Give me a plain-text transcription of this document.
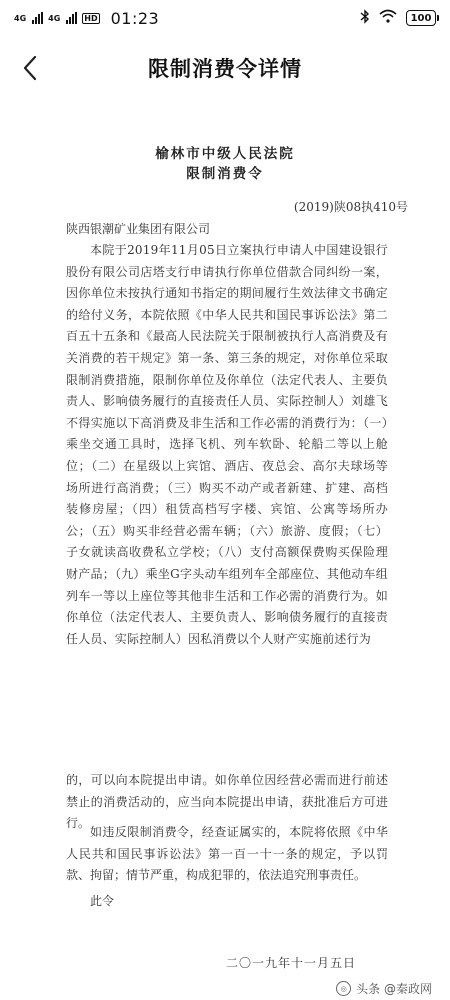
4G	4G	HD 01:23	100
限制消费令详情
榆林市中级人民法院
限制消费令
(2019)陕08执410号
陕西银潮矿业集团有限公司
本院于2019年11月05日立案执行申请人中国建设银行股份有限公司店塔支行申请执行你单位借款合同纠纷一案，因你单位未按执行通知书指定的期间履行生效法律文书确定的给付义务，本院依照《中华人民共和国民事诉讼法》第二百五十五条和《最高人民法院关于限制被执行人高消费及有关消费的若干规定》第一条、第三条的规定，对你单位采取限制消费措施，限制你单位及你单位（法定代表人、主要负责人、影响债务履行的直接责任人员、实际控制人）刘雄飞不得实施以下高消费及非生活和工作必需的消费行为：（一）乘坐交通工具时，选择飞机、列车软卧、轮船二等以上舱位；（二）在星级以上宾馆、酒店、夜总会、高尔夫球场等场所进行高消费；（三）购买不动产或者新建、扩建、高档装修房屋；（四）租赁高档写字楼、宾馆、公寓等场所办公；（五）购买非经营必需车辆；（六）旅游、度假；（七）子女就读高收费私立学校；（八）支付高额保费购买保险理财产品；（九）乘坐G字头动车组列车全部座位、其他动车组列车一等以上座位等其他非生活和工作必需的消费行为。如你单位（法定代表人、主要负责人、影响债务履行的直接责任人员、实际控制人）因私消费以个人财产实施前述行为
的，可以向本院提出申请。如你单位因经营必需而进行前述禁止的消费活动的，应当向本院提出申请，获批准后方可进行。
如违反限制消费令，经查证属实的，本院将依照《中华人民共和国民事诉讼法》第一百一十一条的规定，予以罚款、拘留；情节严重，构成犯罪的，依法追究刑事责任。
此令
二〇一九年十一月五日
◎ 头条 @秦政网
